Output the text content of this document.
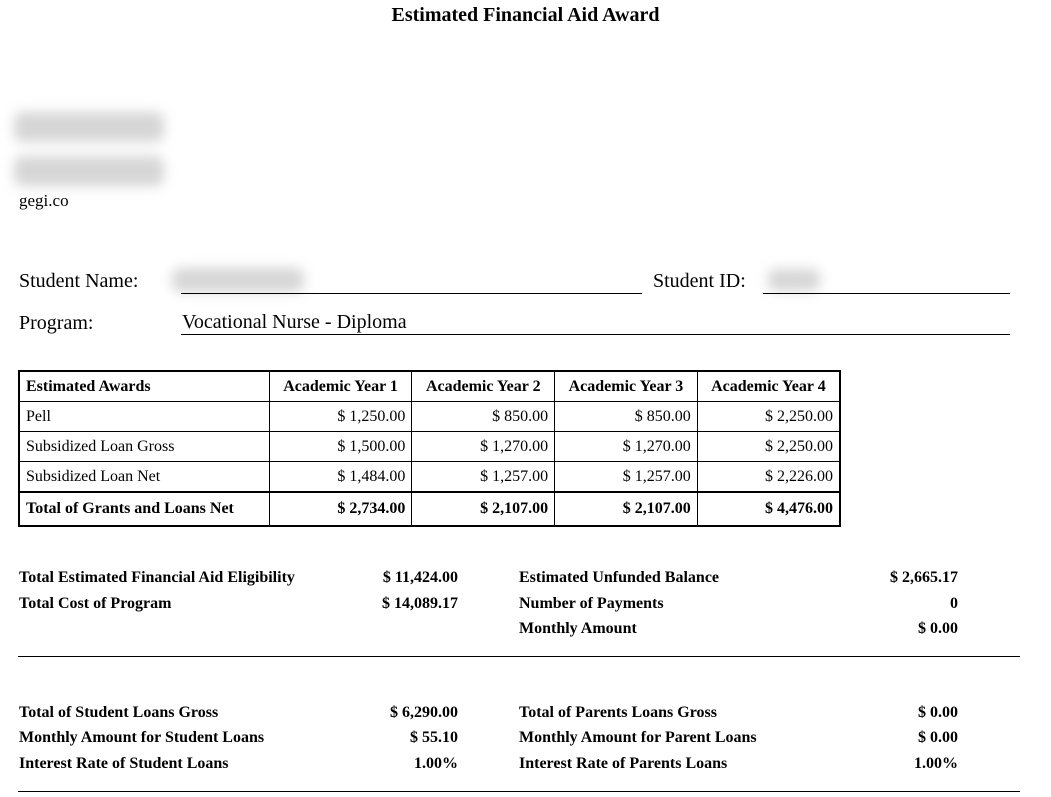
Estimated Financial Aid Award
gegi.co
Student Name:	Student ID:
Program:	Vocational Nurse - Diploma
Estimated Awards	Academic Year 1	Academic Year 2	Academic Year 3	Academic Year 4
Pell	$ 1,250.00	$ 850.00	$ 850.00	$ 2,250.00
Subsidized Loan Gross	$ 1,500.00	$ 1,270.00	$ 1,270.00	$ 2,250.00
Subsidized Loan Net	$ 1,484.00	$ 1,257.00	$ 1,257.00	$ 2,226.00
Total of Grants and Loans Net	$ 2,734.00	$ 2,107.00	$ 2,107.00	$ 4,476.00
Total Estimated Financial Aid Eligibility	$ 11,424.00
Total Cost of Program	$ 14,089.17
Estimated Unfunded Balance	$ 2,665.17
Number of Payments	0
Monthly Amount	$ 0.00
Total of Student Loans Gross	$ 6,290.00
Monthly Amount for Student Loans	$ 55.10
Interest Rate of Student Loans	1.00%
Total of Parents Loans Gross	$ 0.00
Monthly Amount for Parent Loans	$ 0.00
Interest Rate of Parents Loans	1.00%
